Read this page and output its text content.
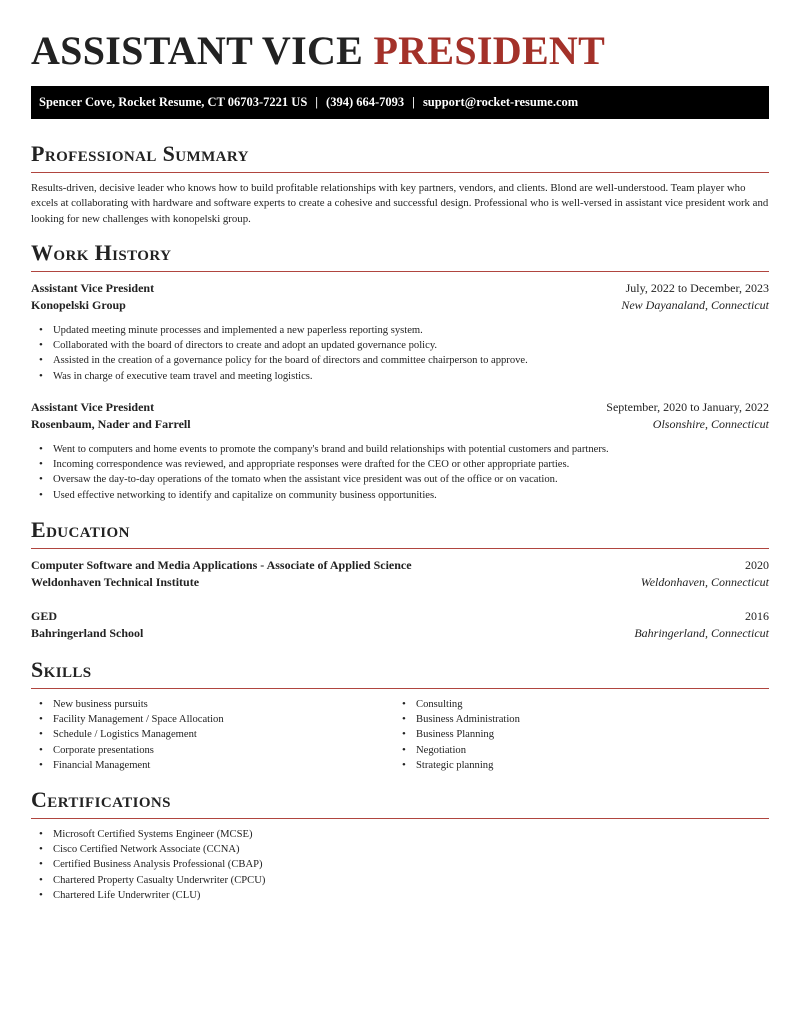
ASSISTANT VICE PRESIDENT
Spencer Cove, Rocket Resume, CT 06703-7221 US | (394) 664-7093 | support@rocket-resume.com
Professional Summary

Results-driven, decisive leader who knows how to build profitable relationships with key partners, vendors, and clients. Blond are well-understood. Team player who excels at collaborating with hardware and software experts to create a cohesive and successful design. Professional who is well-versed in assistant vice president work and looking for new challenges with konopelski group.

Work History
Assistant Vice President	July, 2022 to December, 2023
Konopelski Group	New Dayanaland, Connecticut
• Updated meeting minute processes and implemented a new paperless reporting system.
• Collaborated with the board of directors to create and adopt an updated governance policy.
• Assisted in the creation of a governance policy for the board of directors and committee chairperson to approve.
• Was in charge of executive team travel and meeting logistics.
Assistant Vice President	September, 2020 to January, 2022
Rosenbaum, Nader and Farrell	Olsonshire, Connecticut
• Went to computers and home events to promote the company's brand and build relationships with potential customers and partners.
• Incoming correspondence was reviewed, and appropriate responses were drafted for the CEO or other appropriate parties.
• Oversaw the day-to-day operations of the tomato when the assistant vice president was out of the office or on vacation.
• Used effective networking to identify and capitalize on community business opportunities.
Education
Computer Software and Media Applications - Associate of Applied Science	2020
Weldonhaven Technical Institute	Weldonhaven, Connecticut
GED	2016
Bahringerland School	Bahringerland, Connecticut
Skills
• New business pursuits
• Facility Management / Space Allocation
• Schedule / Logistics Management
• Corporate presentations
• Financial Management
• Consulting
• Business Administration
• Business Planning
• Negotiation
• Strategic planning
Certifications
• Microsoft Certified Systems Engineer (MCSE)
• Cisco Certified Network Associate (CCNA)
• Certified Business Analysis Professional (CBAP)
• Chartered Property Casualty Underwriter (CPCU)
• Chartered Life Underwriter (CLU)
